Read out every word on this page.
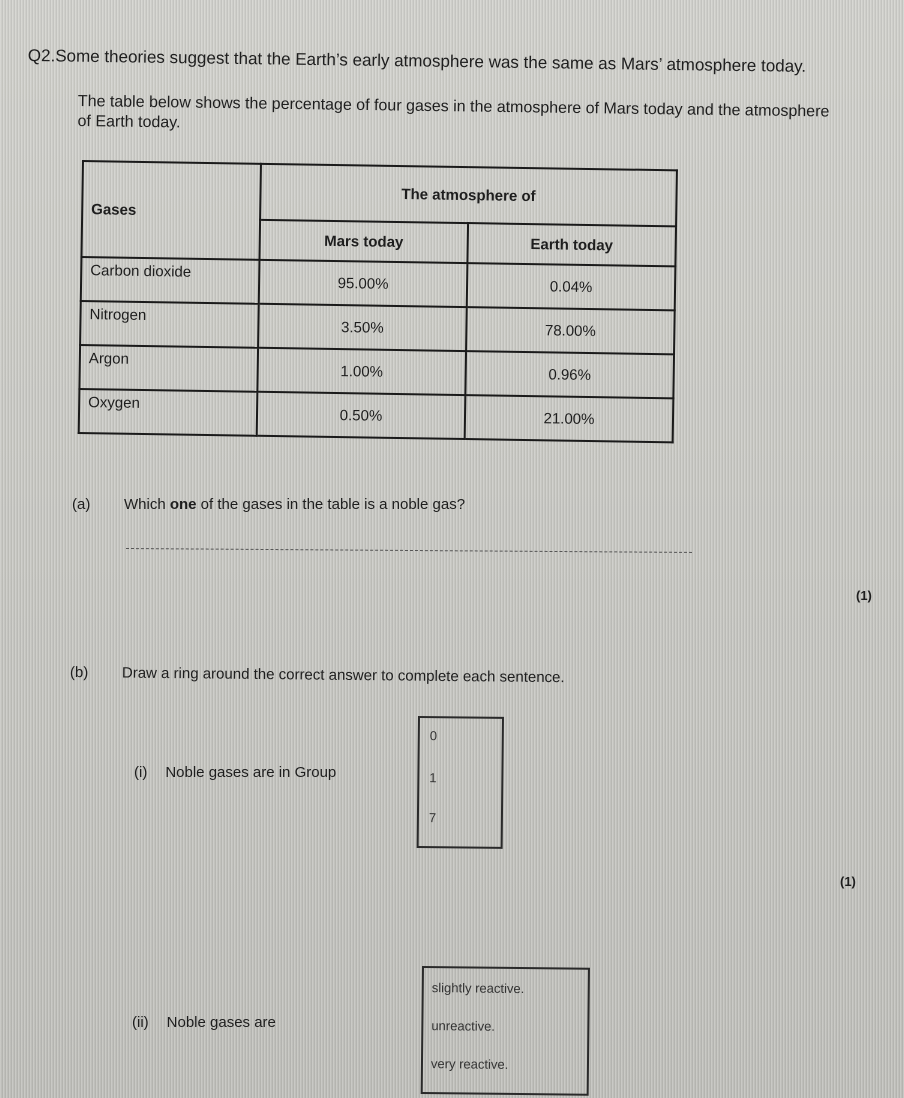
Q2.Some theories suggest that the Earth’s early atmosphere was the same as Mars’ atmosphere today.
The table below shows the percentage of four gases in the atmosphere of Mars today and the atmosphere of Earth today.
Gases	The atmosphere of	
	Mars today	Earth today
Carbon dioxide	95.00%	0.04%
Nitrogen	3.50%	78.00%
Argon	1.00%	0.96%
Oxygen	0.50%	21.00%
(a) Which one of the gases in the table is a noble gas?
(1)
(b) Draw a ring around the correct answer to complete each sentence.
(i) Noble gases are in Group
0
1
7
(1)
(ii) Noble gases are
slightly reactive.
unreactive.
very reactive.
